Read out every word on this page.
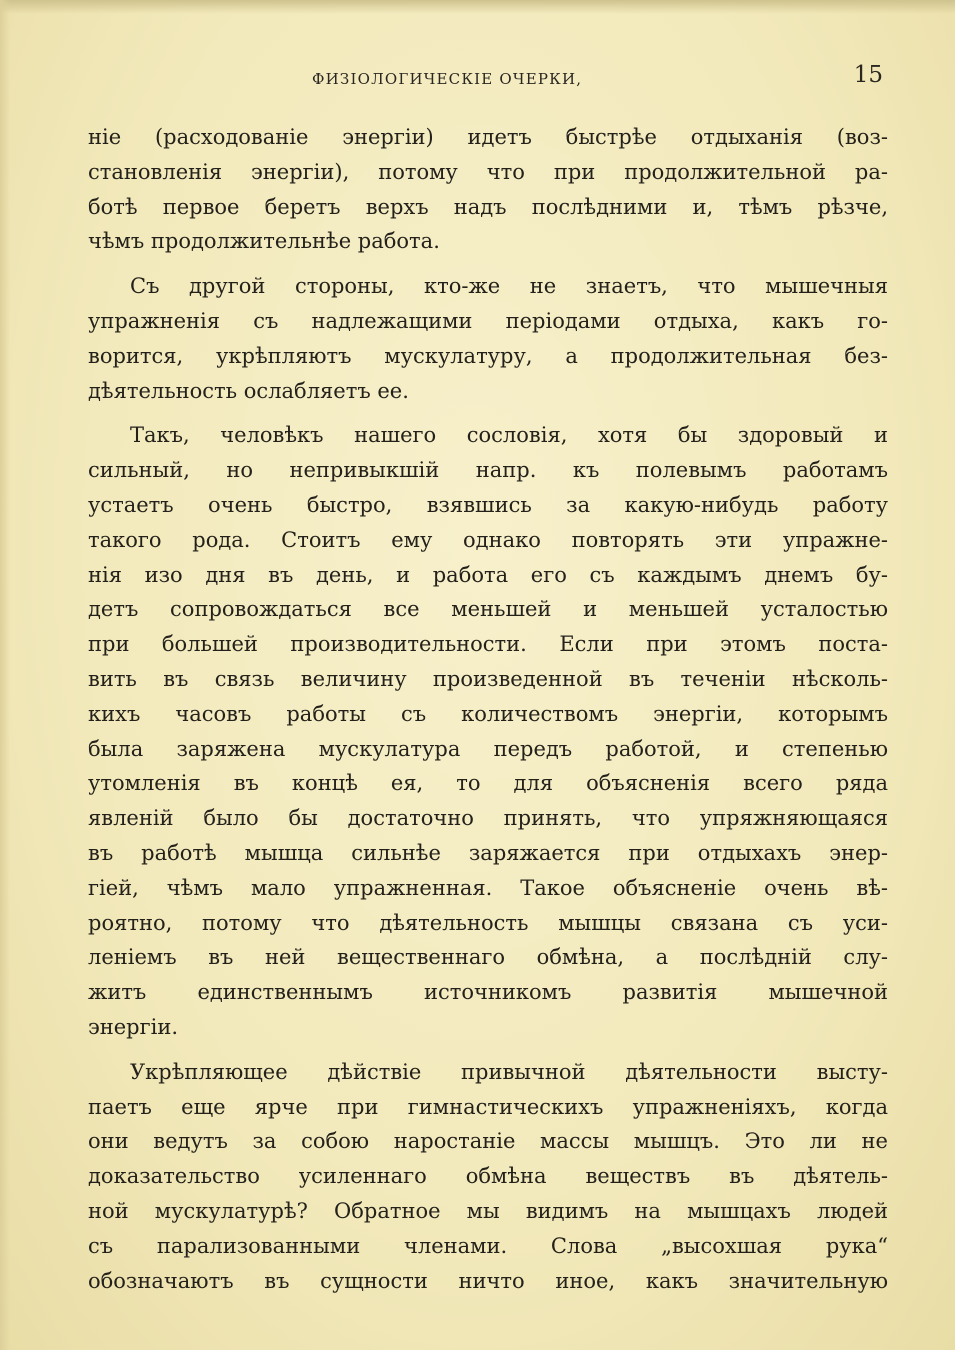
ФИЗІОЛОГИЧЕСКІЕ ОЧЕРКИ,	15

ніе (расходованіе энергіи) идетъ быстрѣе отдыханія (воз-
становленія энергіи), потому что при продолжительной ра-
ботѣ первое беретъ верхъ надъ послѣдними и, тѣмъ рѣзче,
чѣмъ продолжительнѣе работа.

Съ другой стороны, кто-же не знаетъ, что мышечныя
упражненія съ надлежащими періодами отдыха, какъ го-
ворится, укрѣпляютъ мускулатуру, а продолжительная без-
дѣятельность ослабляетъ ее.

Такъ, человѣкъ нашего сословія, хотя бы здоровый и
сильный, но непривыкшій напр. къ полевымъ работамъ
устаетъ очень быстро, взявшись за какую-нибудь работу
такого рода. Стоитъ ему однако повторять эти упражне-
нія изо дня въ день, и работа его съ каждымъ днемъ бу-
детъ сопровождаться все меньшей и меньшей усталостью
при большей производительности. Если при этомъ поста-
вить въ связь величину произведенной въ теченіи нѣсколь-
кихъ часовъ работы съ количествомъ энергіи, которымъ
была заряжена мускулатура передъ работой, и степенью
утомленія въ концѣ ея, то для объясненія всего ряда
явленій было бы достаточно принять, что упряжняющаяся
въ работѣ мышца сильнѣе заряжается при отдыхахъ энер-
гіей, чѣмъ мало упражненная. Такое объясненіе очень вѣ-
роятно, потому что дѣятельность мышцы связана съ уси-
леніемъ въ ней вещественнаго обмѣна, а послѣдній слу-
житъ единственнымъ источникомъ развитія мышечной
энергіи.

Укрѣпляющее дѣйствіе привычной дѣятельности высту-
паетъ еще ярче при гимнастическихъ упражненіяхъ, когда
они ведутъ за собою наростаніе массы мышцъ. Это ли не
доказательство усиленнаго обмѣна веществъ въ дѣятель-
ной мускулатурѣ? Обратное мы видимъ на мышцахъ людей
съ парализованными членами. Слова „высохшая рука“
обозначаютъ въ сущности ничто иное, какъ значительную
